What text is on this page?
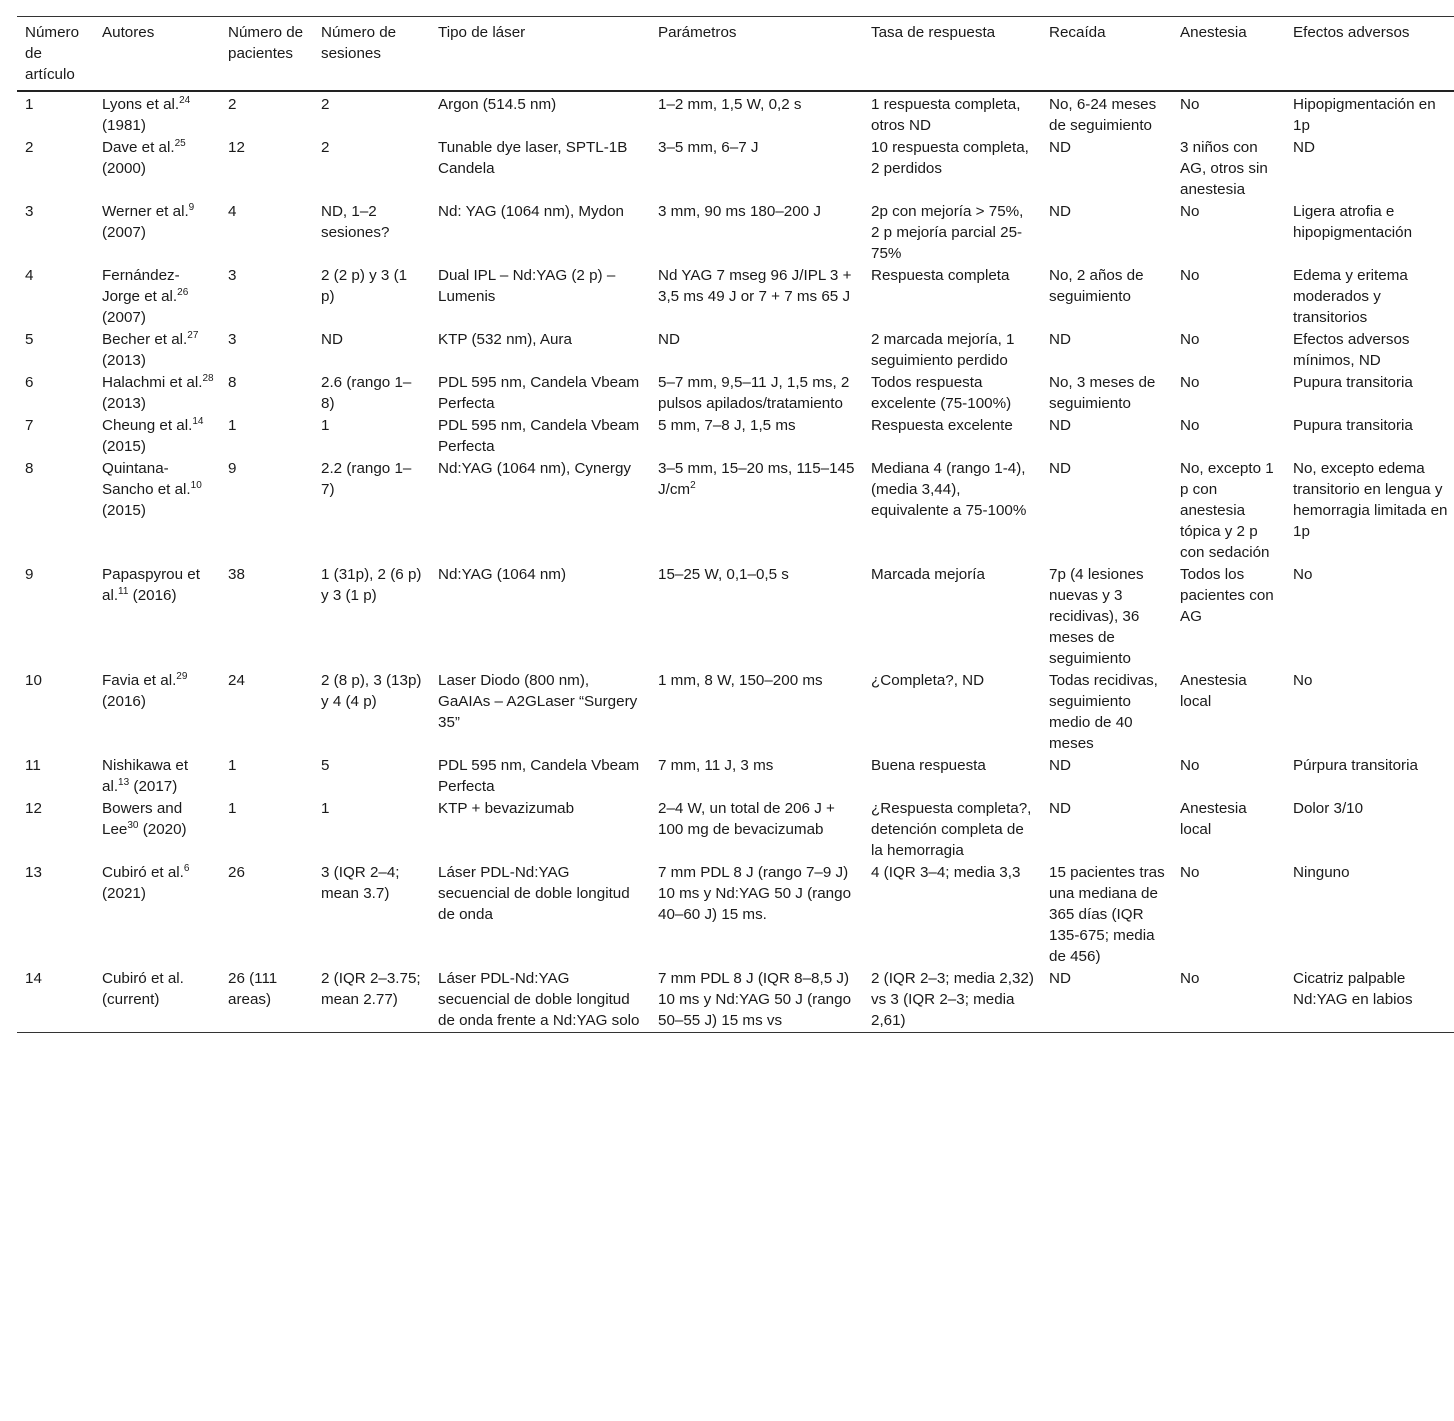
Número de artículo	Autores	Número de pacientes	Número de sesiones	Tipo de láser	Parámetros	Tasa de respuesta	Recaída	Anestesia	Efectos adversos
1	Lyons et al.$^{24}$ (1981)	2	2	Argon (514.5 nm)	1–2 mm, 1,5 W, 0,2 s	1 respuesta completa, otros ND	No, 6-24 meses de seguimiento	No	Hipopigmentación en 1p
2	Dave et al.$^{25}$ (2000)	12	2	Tunable dye laser, SPTL-1B Candela	3–5 mm, 6–7 J	10 respuesta completa, 2 perdidos	ND	3 niños con AG, otros sin anestesia	ND
3	Werner et al.$^9$ (2007)	4	ND, 1–2 sesiones?	Nd: YAG (1064 nm), Mydon	3 mm, 90 ms 180–200 J	2p con mejoría > 75%, 2 p mejoría parcial 25-75%	ND	No	Ligera atrofia e hipopigmentación
4	Fernández-Jorge et al.$^{26}$ (2007)	3	2 (2 p) y 3 (1 p)	Dual IPL – Nd:YAG (2 p) – Lumenis	Nd YAG 7 mseg 96 J/IPL 3 + 3,5 ms 49 J or 7 + 7 ms 65 J	Respuesta completa	No, 2 años de seguimiento	No	Edema y eritema moderados y transitorios
5	Becher et al.$^{27}$ (2013)	3	ND	KTP (532 nm), Aura	ND	2 marcada mejoría, 1 seguimiento perdido	ND	No	Efectos adversos mínimos, ND
6	Halachmi et al.$^{28}$ (2013)	8	2.6 (rango 1–8)	PDL 595 nm, Candela Vbeam Perfecta	5–7 mm, 9,5–11 J, 1,5 ms, 2 pulsos apilados/tratamiento	Todos respuesta excelente (75-100%)	No, 3 meses de seguimiento	No	Pupura transitoria
7	Cheung et al.$^{14}$ (2015)	1	1	PDL 595 nm, Candela Vbeam Perfecta	5 mm, 7–8 J, 1,5 ms	Respuesta excelente	ND	No	Pupura transitoria
8	Quintana-Sancho et al.$^{10}$ (2015)	9	2.2 (rango 1–7)	Nd:YAG (1064 nm), Cynergy	3–5 mm, 15–20 ms, 115–145 $J/cm^2$	Mediana 4 (rango 1-4), (media 3,44), equivalente a 75-100%	ND	No, excepto 1 p con anestesia tópica y 2 p con sedación	No, excepto edema transitorio en lengua y hemorragia limitada en 1p
9	Papaspyrou et al.$^{11}$ (2016)	38	1 (31p), 2 (6 p) y 3 (1 p)	Nd:YAG (1064 nm)	15–25 W, 0,1–0,5 s	Marcada mejoría	7p (4 lesiones nuevas y 3 recidivas), 36 meses de seguimiento	Todos los pacientes con AG	No
10	Favia et al.$^{29}$ (2016)	24	2 (8 p), 3 (13p) y 4 (4 p)	Laser Diodo (800 nm), GaAIAs – A2GLaser “Surgery 35”	1 mm, 8 W, 150–200 ms	¿Completa?, ND	Todas recidivas, seguimiento medio de 40 meses	Anestesia local	No
11	Nishikawa et al.$^{13}$ (2017)	1	5	PDL 595 nm, Candela Vbeam Perfecta	7 mm, 11 J, 3 ms	Buena respuesta	ND	No	Púrpura transitoria
12	Bowers and Lee$^{30}$ (2020)	1	1	KTP + bevazizumab	2–4 W, un total de 206 J + 100 mg de bevacizumab	¿Respuesta completa?, detención completa de la hemorragia	ND	Anestesia local	Dolor 3/10
13	Cubiró et al.$^6$ (2021)	26	3 (IQR 2–4; mean 3.7)	Láser PDL-Nd:YAG secuencial de doble longitud de onda	7 mm PDL 8 J (rango 7–9 J) 10 ms y Nd:YAG 50 J (rango 40–60 J) 15 ms.	4 (IQR 3–4; media 3,3	15 pacientes tras una mediana de 365 días (IQR 135-675; media de 456)	No	Ninguno
14	Cubiró et al. (current)	26 (111 areas)	2 (IQR 2–3.75; mean 2.77)	Láser PDL-Nd:YAG secuencial de doble longitud de onda frente a Nd:YAG solo	7 mm PDL 8 J (IQR 8–8,5 J) 10 ms y Nd:YAG 50 J (rango 50–55 J) 15 ms vs	2 (IQR 2–3; media 2,32) vs 3 (IQR 2–3; media 2,61)	ND	No	Cicatriz palpable Nd:YAG en labios
